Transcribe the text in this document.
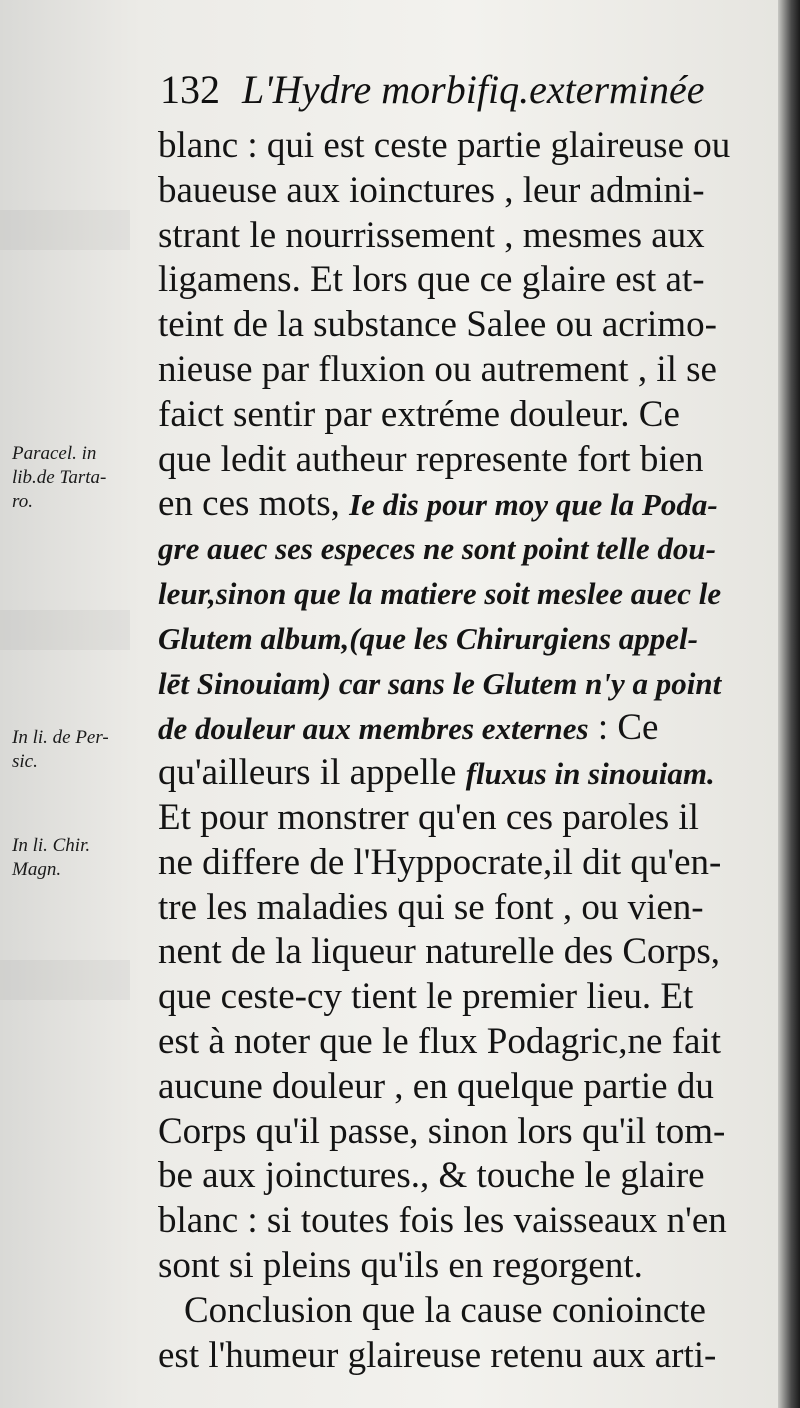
132 L'Hydre morbifiq.exterminée
Paracel. in
lib.de Tarta-
ro.
In li. de Per-
sic.
In li. Chir.
Magn.
blanc : qui est ceste partie glaireuse ou
baueuse aux ioinctures , leur admini-
strant le nourrissement , mesmes aux
ligamens. Et lors que ce glaire est at-
teint de la substance Salee ou acrimo-
nieuse par fluxion ou autrement , il se
faict sentir par extréme douleur. Ce
que ledit autheur represente fort bien
en ces mots, Ie dis pour moy que la Poda-
gre auec ses especes ne sont point telle dou-
leur,sinon que la matiere soit meslee auec le
Glutem album,(que les Chirurgiens appel-
lēt Sinouiam) car sans le Glutem n'y a point
de douleur aux membres externes : Ce
qu'ailleurs il appelle fluxus in sinouiam.
Et pour monstrer qu'en ces paroles il
ne differe de l'Hyppocrate,il dit qu'en-
tre les maladies qui se font , ou vien-
nent de la liqueur naturelle des Corps,
que ceste-cy tient le premier lieu. Et
est à noter que le flux Podagric,ne fait
aucune douleur , en quelque partie du
Corps qu'il passe, sinon lors qu'il tom-
be aux joinctures., & touche le glaire
blanc : si toutes fois les vaisseaux n'en
sont si pleins qu'ils en regorgent.
Conclusion que la cause conioincte
est l'humeur glaireuse retenu aux arti-
